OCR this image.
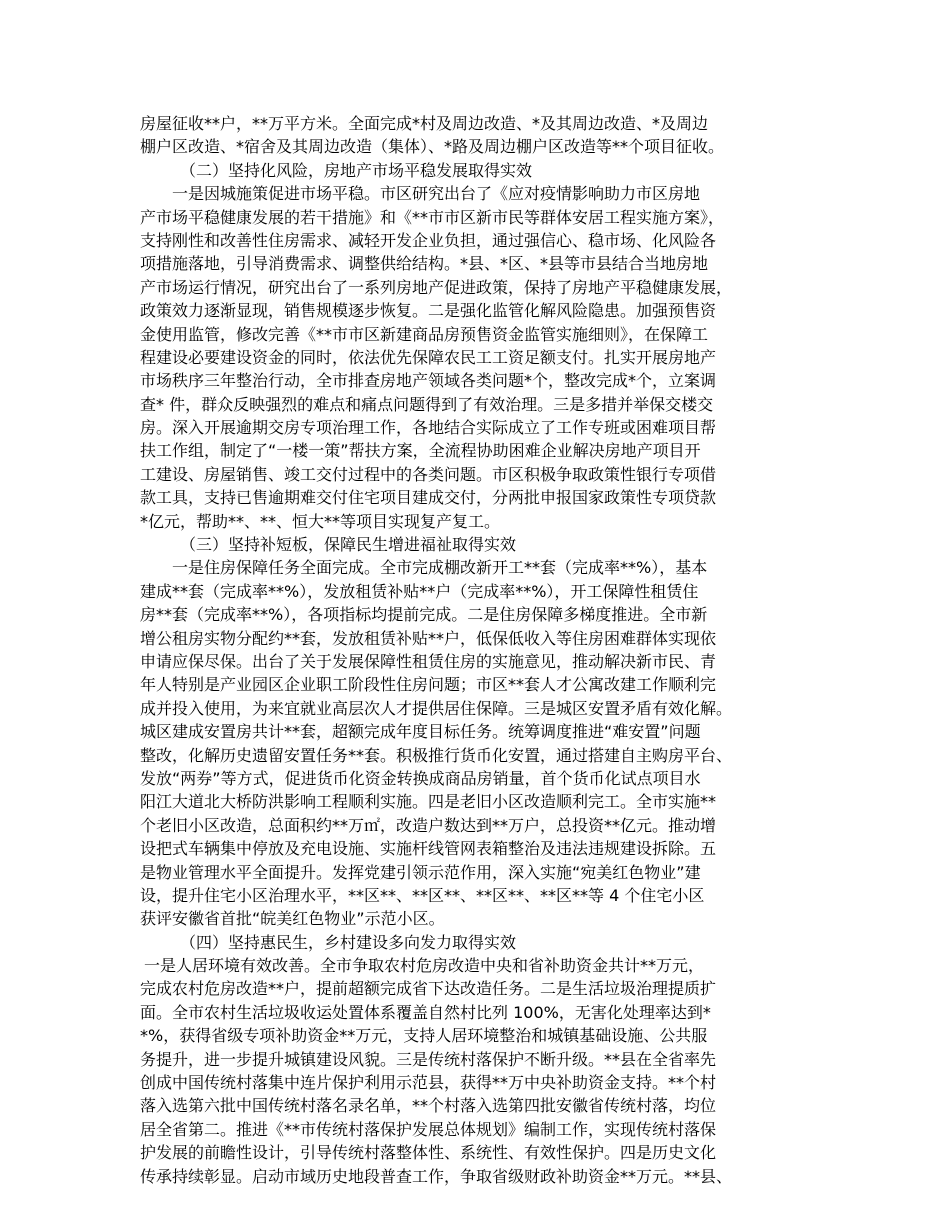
房屋征收**户，**万平方米。全面完成*村及周边改造、*及其周边改造、*及周边
棚户区改造、*宿舍及其周边改造（集体）、*路及周边棚户区改造等**个项目征收。
（二）坚持化风险，房地产市场平稳发展取得实效
一是因城施策促进市场平稳。市区研究出台了《应对疫情影响助力市区房地
产市场平稳健康发展的若干措施》和《**市市区新市民等群体安居工程实施方案》，
支持刚性和改善性住房需求、减轻开发企业负担，通过强信心、稳市场、化风险各
项措施落地，引导消费需求、调整供给结构。*县、*区、*县等市县结合当地房地
产市场运行情况，研究出台了一系列房地产促进政策，保持了房地产平稳健康发展，
政策效力逐渐显现，销售规模逐步恢复。二是强化监管化解风险隐患。加强预售资
金使用监管，修改完善《**市市区新建商品房预售资金监管实施细则》，在保障工
程建设必要建设资金的同时，依法优先保障农民工工资足额支付。扎实开展房地产
市场秩序三年整治行动，全市排查房地产领域各类问题*个，整改完成*个，立案调
查* 件，群众反映强烈的难点和痛点问题得到了有效治理。三是多措并举保交楼交
房。深入开展逾期交房专项治理工作，各地结合实际成立了工作专班或困难项目帮
扶工作组，制定了“一楼一策”帮扶方案，全流程协助困难企业解决房地产项目开
工建设、房屋销售、竣工交付过程中的各类问题。市区积极争取政策性银行专项借
款工具，支持已售逾期难交付住宅项目建成交付，分两批申报国家政策性专项贷款
*亿元，帮助**、**、恒大**等项目实现复产复工。
（三）坚持补短板，保障民生增进福祉取得实效
一是住房保障任务全面完成。全市完成棚改新开工**套（完成率**%），基本
建成**套（完成率**%），发放租赁补贴**户（完成率**%），开工保障性租赁住
房**套（完成率**%），各项指标均提前完成。二是住房保障多梯度推进。全市新
增公租房实物分配约**套，发放租赁补贴**户，低保低收入等住房困难群体实现依
申请应保尽保。出台了关于发展保障性租赁住房的实施意见，推动解决新市民、青
年人特别是产业园区企业职工阶段性住房问题；市区**套人才公寓改建工作顺利完
成并投入使用，为来宜就业高层次人才提供居住保障。三是城区安置矛盾有效化解。
城区建成安置房共计**套，超额完成年度目标任务。统筹调度推进“难安置”问题
整改，化解历史遗留安置任务**套。积极推行货币化安置，通过搭建自主购房平台、
发放“两券”等方式，促进货币化资金转换成商品房销量，首个货币化试点项目水
阳江大道北大桥防洪影响工程顺利实施。四是老旧小区改造顺利完工。全市实施**
个老旧小区改造，总面积约**万㎡，改造户数达到**万户，总投资**亿元。推动增
设把式车辆集中停放及充电设施、实施杆线管网表箱整治及违法违规建设拆除。五
是物业管理水平全面提升。发挥党建引领示范作用，深入实施“宛美红色物业”建
设，提升住宅小区治理水平，**区**、**区**、**区**、**区**等 4 个住宅小区
获评安徽省首批“皖美红色物业”示范小区。
（四）坚持惠民生，乡村建设多向发力取得实效
一是人居环境有效改善。全市争取农村危房改造中央和省补助资金共计**万元，
完成农村危房改造**户，提前超额完成省下达改造任务。二是生活垃圾治理提质扩
面。全市农村生活垃圾收运处置体系覆盖自然村比列 100%，无害化处理率达到*
*%，获得省级专项补助资金**万元，支持人居环境整治和城镇基础设施、公共服
务提升，进一步提升城镇建设风貌。三是传统村落保护不断升级。**县在全省率先
创成中国传统村落集中连片保护利用示范县，获得**万中央补助资金支持。**个村
落入选第六批中国传统村落名录名单，**个村落入选第四批安徽省传统村落，均位
居全省第二。推进《**市传统村落保护发展总体规划》编制工作，实现传统村落保
护发展的前瞻性设计，引导传统村落整体性、系统性、有效性保护。四是历史文化
传承持续彰显。启动市域历史地段普查工作，争取省级财政补助资金**万元。**县、
